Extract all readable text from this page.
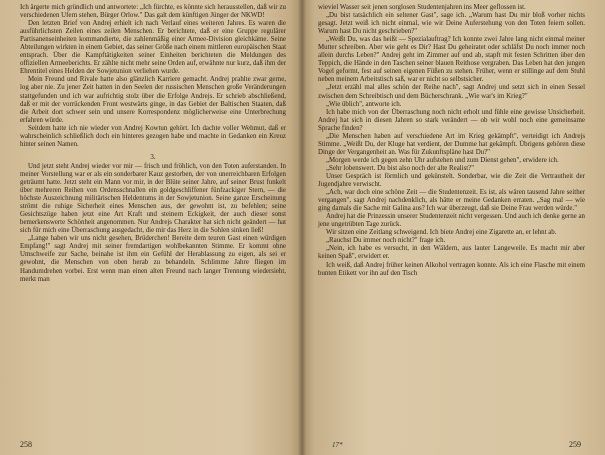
Ich ärgerte mich gründlich und antwortete: „Ich fürchte, es könnte sich herausstellen, daß wir zu verschiedenen Ufern stehen, Bürger Orlow." Das galt dem künftigen Jünger der NKWD!

Den letzten Brief von Andrej erhielt ich nach Verlauf eines weiteren Jahres. Es waren die ausführlichsten Zeilen eines zeilen Menschen. Er berichtete, daß er eine Gruppe regulärer Partisanenseinheiten kommandierte, die zahlenmäßig einer Armee-Division gleichkäme. Seine Abteilungen wirkten in einem Gebiet, das seiner Größe nach einem mittleren europäischen Staat entsprach. Über die Kampftätigkeiten seiner Einheiten berichteten die Meldungen des offiziellen Armeeberichts. Er zählte nicht mehr seine Orden auf, erwähnte nur kurz, daß ihm der Ehrentitel eines Helden der Sowjetunion verliehen wurde.

Mein Freund und Rivale hatte also glänzlich Karriere gemacht. Andrej prahlte zwar gerne, log aber nie. Zu jener Zeit hatten in den Seelen der russischen Menschen große Veränderungen stattgefunden und ich war aufrichtig stolz über die Erfolge Andrejs. Er schrieb abschließend, daß er mit der vorrückenden Front westwärts ginge, in das Gebiet der Baltischen Staaten, daß die Arbeit dort schwer sein und unsere Korrespondenz möglicherweise eine Unterbrechung erfahren würde.

Seitdem hatte ich nie wieder von Andrej Kowtun gehört. Ich dachte voller Wehmut, daß er wahrscheinlich schließlich doch ein hinteres gezogen habe und machte in Gedanken ein Kreuz hinter seinen Namen.

3.

Und jetzt steht Andrej wieder vor mir — frisch und fröhlich, von den Toten auferstanden. In meiner Vorstellung war er als ein sonderbarer Kauz gestorben, der von unerreichbaren Erfolgen geträumt hatte. Jetzt steht ein Mann vor mir, in der Blüte seiner Jahre, auf seiner Brust funkelt über mehreren Reihen von Ordensschnallen ein goldgeschliffener fünfzackiger Stern, — die höchste Auszeichnung militärischen Heldentums in der Sowjetunion. Seine ganze Erscheinung strömt die ruhige Sicherheit eines Menschen aus, der gewohnt ist, zu befehlen; seine Gesichtszüge haben jetzt eine Art Kraft und steinern Eckigkeit, der auch dieser sonst bemerkenswerte Schönheit angenommen. Nur Andrejs Charakter hat sich nicht geändert — hat sich für mich eine Überraschung ausgedacht, die mir das Herz in die Sohlen sinken ließ!

„Lange haben wir uns nicht gesehen, Brüderchen! Bereite dem teuren Gast einen würdigen Empfang!" sagt Andrej mit seiner fremdartigen wohlbekannten Stimme. Er kommt ohne Umschweife zur Sache, beinahe ist ihm ein Gefühl der Herablassung zu eigen, als sei er gewohnt, die Menschen von oben herab zu behandeln. Schlimme Jahre fliegen im Handumdrehen vorbei. Erst wenn man einen alten Freund nach langer Trennung wiedersieht, merkt man

258

wieviel Wasser seit jenen sorglosen Studentenjahren ins Meer geflossen ist.

„Du bist tatsächlich ein seltener Gast", sage ich. „Warum hast Du mir bloß vorher nichts gesagt. Jetzt weiß ich nicht einmal, wie wir Deine Auferstehung von den Toten feiern sollen. Warum hast Du nicht geschrieben?"

„Weißt Du, was das heißt — Spezialauftrag? Ich konnte zwei Jahre lang nicht einmal meiner Mutter schreiben. Aber wie geht es Dir? Hast Du geheiratet oder schläfst Du noch immer noch allein durchs Leben?" Andrej geht im Zimmer auf und ab, stapft mit festen Schritten über den Teppich, die Hände in den Taschen seiner blauen Reithose vergraben. Das Leben hat den jungen Vogel geformt, fest auf seinen eigenen Füßen zu stehen. Früher, wenn er stillinge auf dem Stuhl neben meinem Arbeitstisch saß, war er nicht so selbstsicher.

„Jetzt erzähl mal alles schön der Reihe nach", sagt Andrej und setzt sich in einen Sessel zwischen dem Schreibtisch und dem Bücherschrank. „Wie war's im Krieg?"

„Wie üblich", antworte ich.

Ich habe mich von der Überraschung noch nicht erholt und fühle eine gewisse Unsicherheit. Andrej hat sich in diesen Jahren so stark verändert — ob wir wohl noch eine gemeinsame Sprache finden?

„Die Menschen haben auf verschiedene Art im Krieg gekämpft", verteidigt ich Andrejs Stimme. „Weißt Du, der Kluge hat verdient, der Dumme hat gekämpft. Übrigens gehören diese Dinge der Vergangenheit an. Was für Zukunftspläne hast Du?"

„Morgen werde ich gegen zehn Uhr aufstehen und zum Dienst gehen", erwidere ich.

„Sehr lobenswert. Du bist also noch der alte Realist?"

Unser Gespräch ist förmlich und gekünstelt. Sonderbar, wie die Zeit die Vertrautheit der Jugendjahre verwischt.

„Ach, war doch eine schöne Zeit — die Studentenzeit. Es ist, als wären tausend Jahre seither vergangen", sagt Andrej nachdenklich, als hätte er meine Gedanken erraten. „Sag mal — wie ging damals die Sache mit Galina aus? Ich war überzeugt, daß sie Deine Frau werden würde."

Andrej hat die Prinzessin unserer Studentenzeit nicht vergessen. Und auch ich denke gerne an jene ungetrübten Tage zurück.

Wir sitzen eine Zeitlang schweigend. Ich biete Andrej eine Zigarette an, er lehnt ab.

„Rauchst Du immer noch nicht?" frage ich.

„Nein, ich habe es versucht, in den Wäldern, aus lauter Langeweile. Es macht mir aber keinen Spaß", erwidert er.

Ich weiß, daß Andrej früher keinen Alkohol vertragen konnte. Als ich eine Flasche mit einem bunten Etikett vor ihn auf den Tisch

17*	259
